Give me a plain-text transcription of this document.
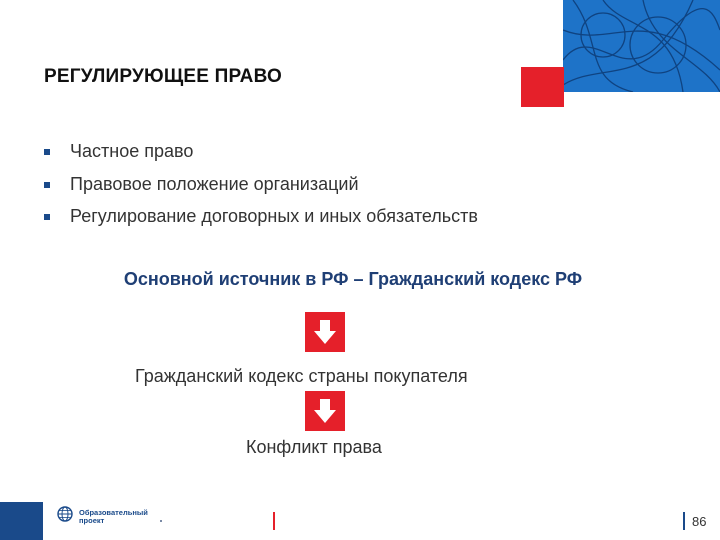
РЕГУЛИРУЮЩЕЕ ПРАВО
Частное право
Правовое положение организаций
Регулирование договорных и иных обязательств
Основной источник в РФ – Гражданский кодекс РФ
Гражданский кодекс страны покупателя
Конфликт права
Образовательный
проект	86
